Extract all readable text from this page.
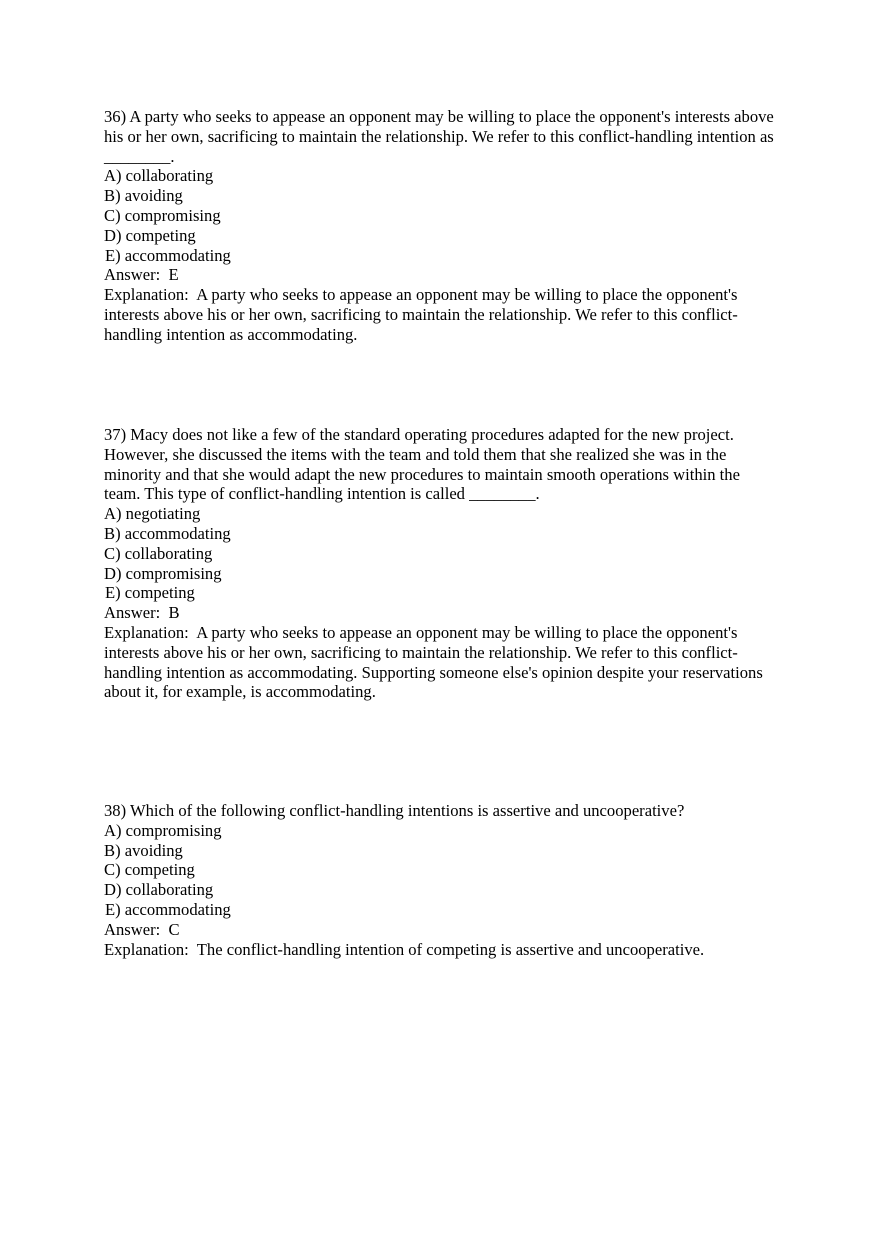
36) A party who seeks to appease an opponent may be willing to place the opponent's interests above his or her own, sacrificing to maintain the relationship. We refer to this conflict-handling intention as ________.

A) collaborating

B) avoiding

C) compromising

D) competing

E) accommodating

Answer:  E

Explanation:  A party who seeks to appease an opponent may be willing to place the opponent's interests above his or her own, sacrificing to maintain the relationship. We refer to this conflict-handling intention as accommodating.

37) Macy does not like a few of the standard operating procedures adapted for the new project. However, she discussed the items with the team and told them that she realized she was in the minority and that she would adapt the new procedures to maintain smooth operations within the team. This type of conflict-handling intention is called ________.

A) negotiating

B) accommodating

C) collaborating

D) compromising

E) competing

Answer:  B

Explanation:  A party who seeks to appease an opponent may be willing to place the opponent's interests above his or her own, sacrificing to maintain the relationship. We refer to this conflict-handling intention as accommodating. Supporting someone else's opinion despite your reservations about it, for example, is accommodating.

38) Which of the following conflict-handling intentions is assertive and uncooperative?

A) compromising

B) avoiding

C) competing

D) collaborating

E) accommodating

Answer:  C

Explanation:  The conflict-handling intention of competing is assertive and uncooperative.
